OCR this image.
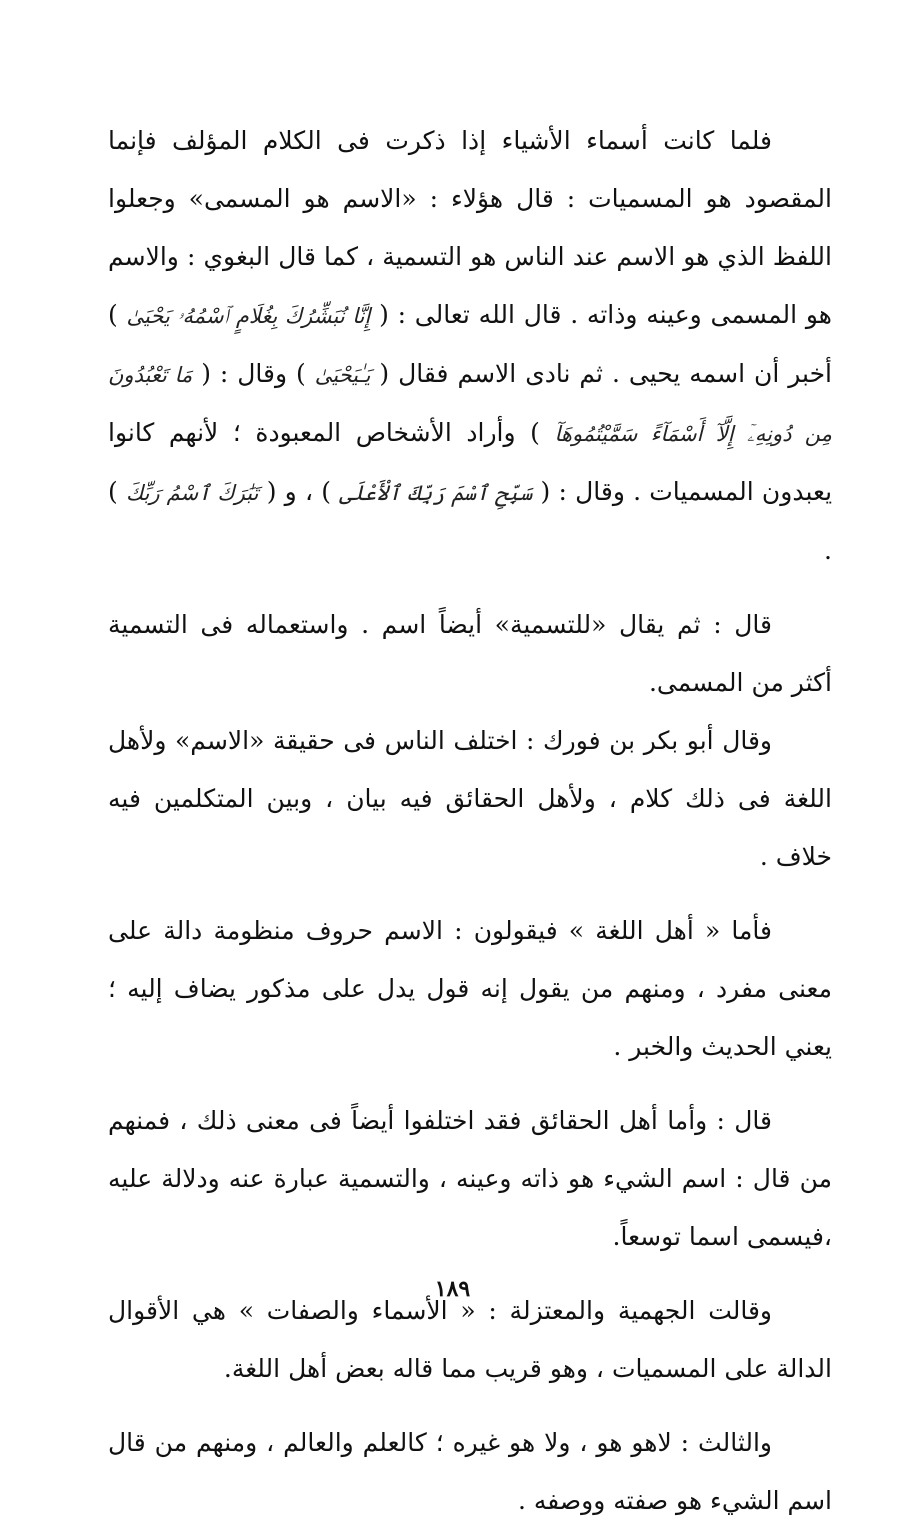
فلما كانت أسماء الأشياء إذا ذكرت فى الكلام المؤلف فإنما المقصود هو المسميات : قال هؤلاء : «الاسم هو المسمى» وجعلوا اللفظ الذي هو الاسم عند الناس هو التسمية ، كما قال البغوي : والاسم هو المسمى وعينه وذاته . قال الله تعالى : ( إِنَّا نُبَشِّرُكَ بِغُلَامٍ ٱسْمُهُۥ يَحْيَىٰ ) أخبر أن اسمه يحيى . ثم نادى الاسم فقال ( يَـٰيَحْيَىٰ ) وقال : ( مَا تَعْبُدُونَ مِن دُونِهِۦٓ إِلَّآ أَسْمَآءً سَمَّيْتُمُوهَآ ) وأراد الأشخاص المعبودة ؛ لأنهم كانوا يعبدون المسميات . وقال : ( سَبِّحِ ٱسْمَ رَبِّكَ ٱلْأَعْلَى ) ، و ( تَبَٰرَكَ ٱسْمُ رَبِّكَ ) .

قال : ثم يقال «للتسمية» أيضاً اسم . واستعماله فى التسمية أكثر من المسمى.

وقال أبو بكر بن فورك : اختلف الناس فى حقيقة «الاسم» ولأهل اللغة فى ذلك كلام ، ولأهل الحقائق فيه بيان ، وبين المتكلمين فيه خلاف .

فأما « أهل اللغة » فيقولون : الاسم حروف منظومة دالة على معنى مفرد ، ومنهم من يقول إنه قول يدل على مذكور يضاف إليه ؛ يعني الحديث والخبر .

قال : وأما أهل الحقائق فقد اختلفوا أيضاً فى معنى ذلك ، فمنهم من قال : اسم الشيء هو ذاته وعينه ، والتسمية عبارة عنه ودلالة عليه ،فيسمى اسما توسعاً.

وقالت الجهمية والمعتزلة : « الأسماء والصفات » هي الأقوال الدالة على المسميات ، وهو قريب مما قاله بعض أهل اللغة.

والثالث : لاهو هو ، ولا هو غيره ؛ كالعلم والعالم ، ومنهم من قال اسم الشيء هو صفته ووصفه .

١٨٩
